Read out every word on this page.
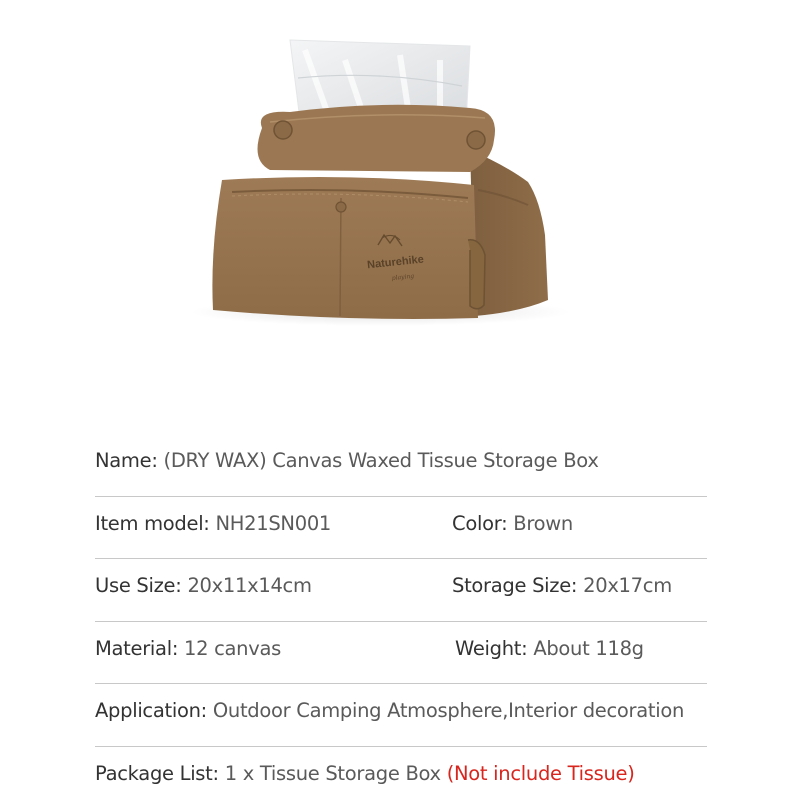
Naturehike
playing
Name: (DRY WAX) Canvas Waxed Tissue Storage Box
Item model: NH21SN001	Color: Brown
Use Size: 20x11x14cm	Storage Size: 20x17cm
Material: 12 canvas	Weight: About 118g
Application: Outdoor Camping Atmosphere,Interior decoration
Package List: 1 x Tissue Storage Box (Not include Tissue)
